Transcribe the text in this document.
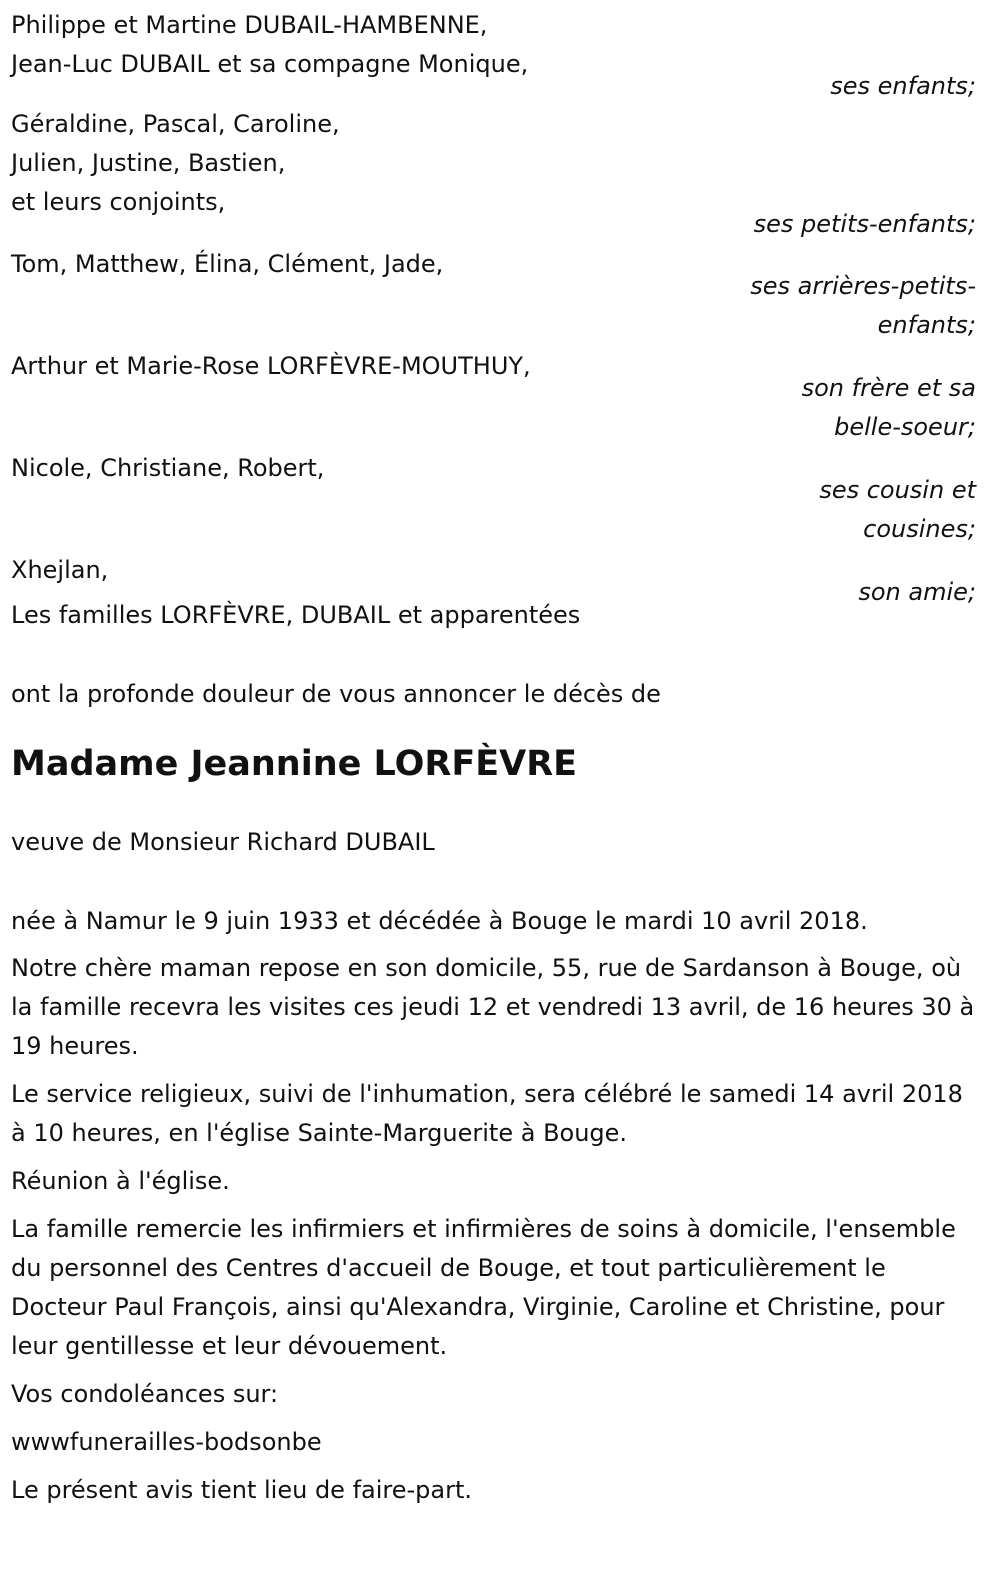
Philippe et Martine DUBAIL-HAMBENNE,
Jean-Luc DUBAIL et sa compagne Monique,
ses enfants;
Géraldine, Pascal, Caroline,
Julien, Justine, Bastien,
et leurs conjoints,
ses petits-enfants;
Tom, Matthew, Élina, Clément, Jade,
ses arrières-petits-
enfants;
Arthur et Marie-Rose LORFÈVRE-MOUTHUY,
son frère et sa
belle-soeur;
Nicole, Christiane, Robert,
ses cousin et
cousines;
Xhejlan,
son amie;
Les familles LORFÈVRE, DUBAIL et apparentées
ont la profonde douleur de vous annoncer le décès de
Madame Jeannine LORFÈVRE
veuve de Monsieur Richard DUBAIL
née à Namur le 9 juin 1933 et décédée à Bouge le mardi 10 avril 2018.

Notre chère maman repose en son domicile, 55, rue de Sardanson à Bouge, où la famille recevra les visites ces jeudi 12 et vendredi 13 avril, de 16 heures 30 à 19 heures.

Le service religieux, suivi de l'inhumation, sera célébré le samedi 14 avril 2018 à 10 heures, en l'église Sainte-Marguerite à Bouge.

Réunion à l'église.

La famille remercie les infirmiers et infirmières de soins à domicile, l'ensemble du personnel des Centres d'accueil de Bouge, et tout particulièrement le Docteur Paul François, ainsi qu'Alexandra, Virginie, Caroline et Christine, pour leur gentillesse et leur dévouement.

Vos condoléances sur:

wwwfunerailles-bodsonbe

Le présent avis tient lieu de faire-part.
